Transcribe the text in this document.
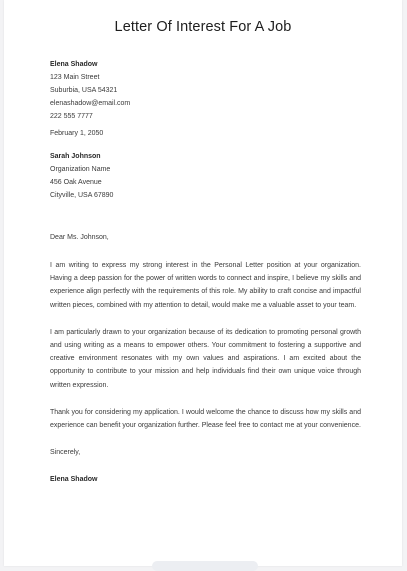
Letter Of Interest For A Job
Elena Shadow
123 Main Street
Suburbia, USA 54321
elenashadow@email.com
222 555 7777
February 1, 2050
Sarah Johnson
Organization Name
456 Oak Avenue
Cityville, USA 67890
Dear Ms. Johnson,
I am writing to express my strong interest in the Personal Letter position at your organization. Having a deep passion for the power of written words to connect and inspire, I believe my skills and experience align perfectly with the requirements of this role. My ability to craft concise and impactful written pieces, combined with my attention to detail, would make me a valuable asset to your team.
I am particularly drawn to your organization because of its dedication to promoting personal growth and using writing as a means to empower others. Your commitment to fostering a supportive and creative environment resonates with my own values and aspirations. I am excited about the opportunity to contribute to your mission and help individuals find their own unique voice through written expression.
Thank you for considering my application. I would welcome the chance to discuss how my skills and experience can benefit your organization further. Please feel free to contact me at your convenience.
Sincerely,
Elena Shadow
